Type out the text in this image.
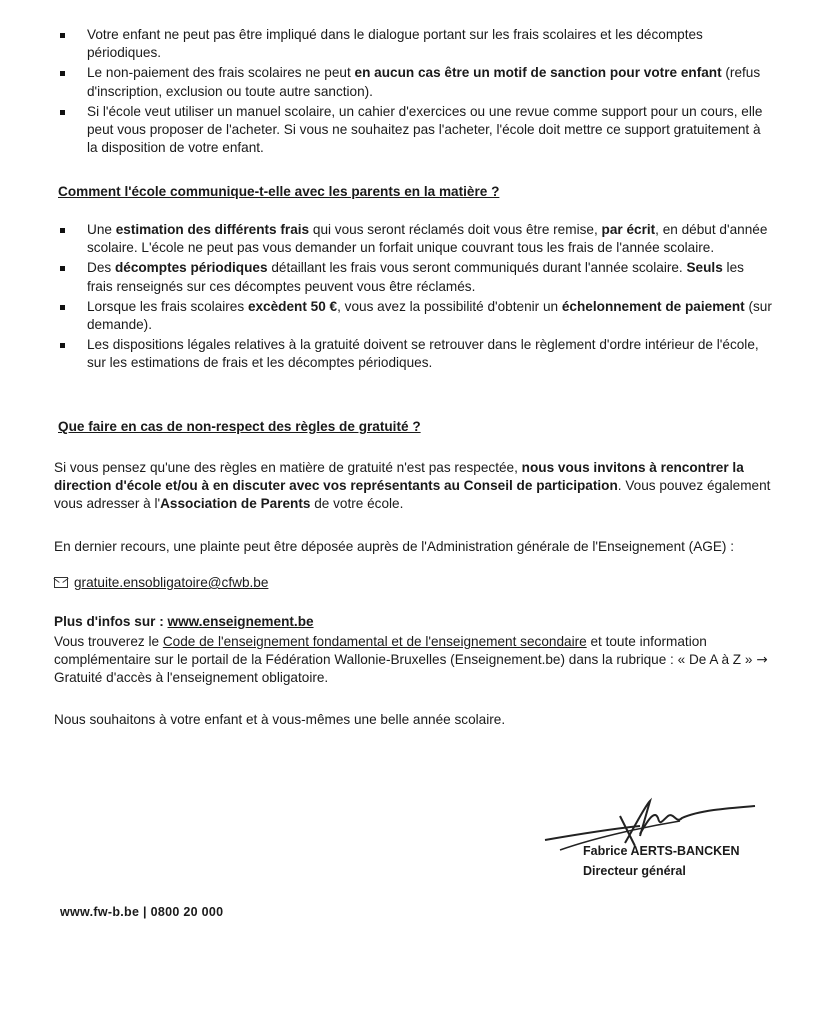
Votre enfant ne peut pas être impliqué dans le dialogue portant sur les frais scolaires et les décomptes périodiques.
Le non-paiement des frais scolaires ne peut en aucun cas être un motif de sanction pour votre enfant (refus d'inscription, exclusion ou toute autre sanction).
Si l'école veut utiliser un manuel scolaire, un cahier d'exercices ou une revue comme support pour un cours, elle peut vous proposer de l'acheter. Si vous ne souhaitez pas l'acheter, l'école doit mettre ce support gratuitement à la disposition de votre enfant.
Comment l'école communique-t-elle avec les parents en la matière ?
Une estimation des différents frais qui vous seront réclamés doit vous être remise, par écrit, en début d'année scolaire. L'école ne peut pas vous demander un forfait unique couvrant tous les frais de l'année scolaire.
Des décomptes périodiques détaillant les frais vous seront communiqués durant l'année scolaire. Seuls les frais renseignés sur ces décomptes peuvent vous être réclamés.
Lorsque les frais scolaires excèdent 50 €, vous avez la possibilité d'obtenir un échelonnement de paiement (sur demande).
Les dispositions légales relatives à la gratuité doivent se retrouver dans le règlement d'ordre intérieur de l'école, sur les estimations de frais et les décomptes périodiques.
Que faire en cas de non-respect des règles de gratuité ?

Si vous pensez qu'une des règles en matière de gratuité n'est pas respectée, nous vous invitons à rencontrer la direction d'école et/ou à en discuter avec vos représentants au Conseil de participation. Vous pouvez également vous adresser à l'Association de Parents de votre école.

En dernier recours, une plainte peut être déposée auprès de l'Administration générale de l'Enseignement (AGE) :

gratuite.ensobligatoire@cfwb.be

Plus d'infos sur : www.enseignement.be

Vous trouverez le Code de l'enseignement fondamental et de l'enseignement secondaire et toute information complémentaire sur le portail de la Fédération Wallonie-Bruxelles (Enseignement.be) dans la rubrique : « De A à Z » → Gratuité d'accès à l'enseignement obligatoire.

Nous souhaitons à votre enfant et à vous-mêmes une belle année scolaire.

Fabrice AERTS-BANCKEN
Directeur général
www.fw-b.be | 0800 20 000
